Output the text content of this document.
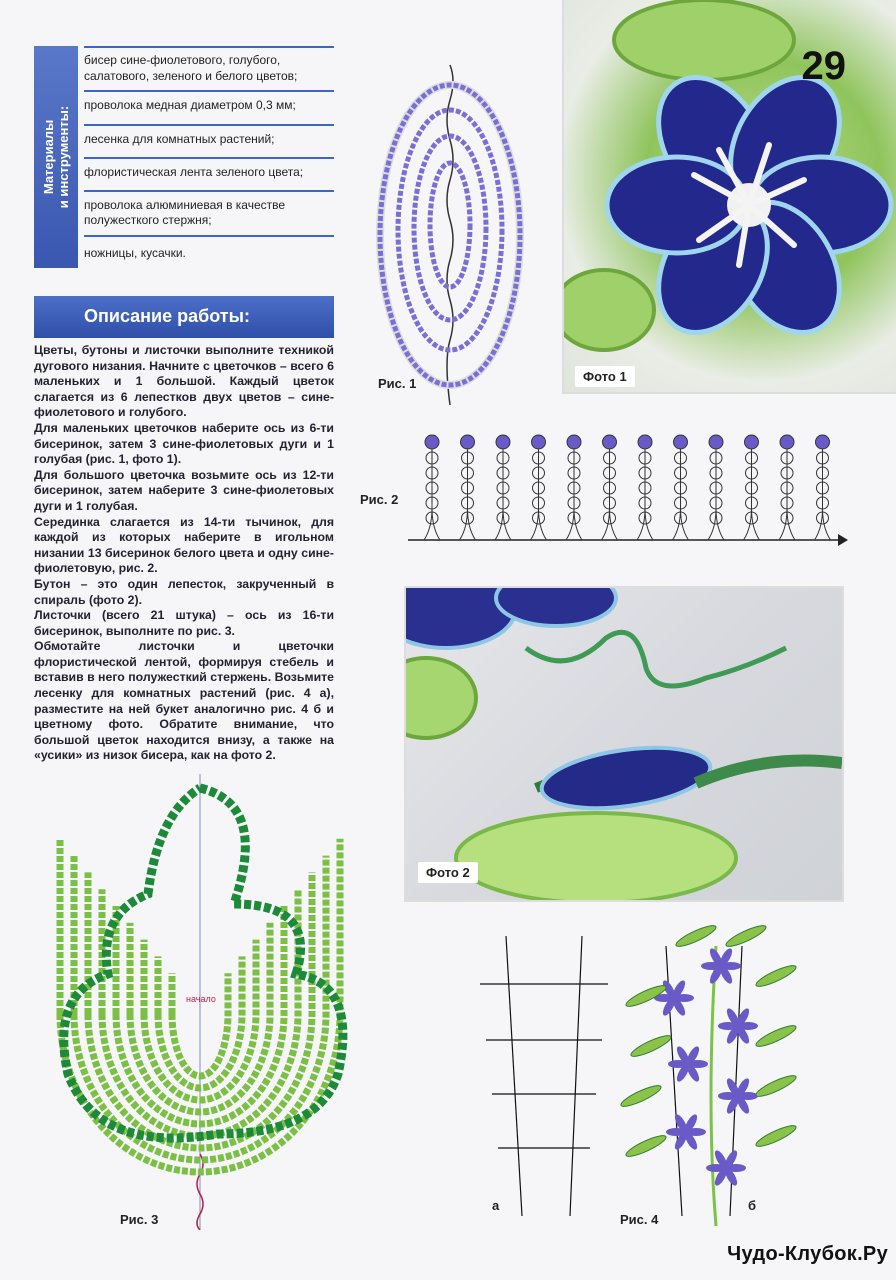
Материалы и инструменты:
бисер сине-фиолетового, голубого,
салатового, зеленого и белого цветов;
проволока медная диаметром 0,3 мм;
лесенка для комнатных растений;
флористическая лента зеленого цвета;
проволока алюминиевая в качестве
полужесткого стержня;
ножницы, кусачки.
Описание работы:

Цветы, бутоны и листочки выполните техникой дугового низания. Начните с цветочков – всего 6 маленьких и 1 большой. Каждый цветок слагается из 6 лепестков двух цветов – сине-фиолетового и голубого.

Для маленьких цветочков наберите ось из 6-ти бисеринок, затем 3 сине-фиолетовых дуги и 1 голубая (рис. 1, фото 1).

Для большого цветочка возьмите ось из 12-ти бисеринок, затем наберите 3 сине-фиолетовых дуги и 1 голубая.

Серединка слагается из 14-ти тычинок, для каждой из которых наберите в игольном низании 13 бисеринок белого цвета и одну сине-фиолетовую, рис. 2.

Бутон – это один лепесток, закрученный в спираль (фото 2).

Листочки (всего 21 штука) – ось из 16-ти бисеринок, выполните по рис. 3.

Обмотайте листочки и цветочки флористической лентой, формируя стебель и вставив в него полужесткий стержень. Возьмите лесенку для комнатных растений (рис. 4 а), разместите на ней букет аналогично рис. 4 б и цветному фото. Обратите внимание, что большой цветок находится внизу, а также на «усики» из низок бисера, как на фото 2.

Рис. 1
29
Фото 1
Рис. 2
Фото 2
начало
Рис. 3
а	б
Рис. 4
Чудо-Клубок.Ру
